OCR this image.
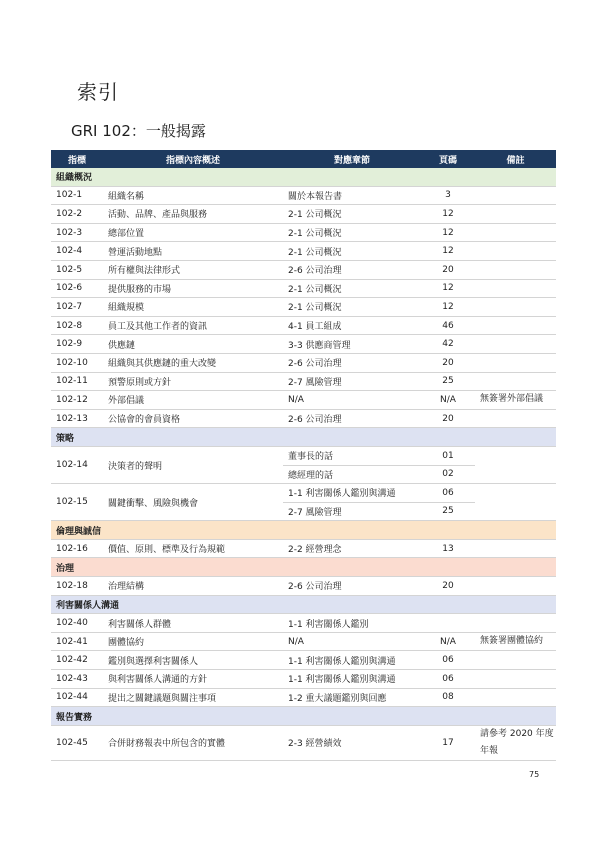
索引
GRI 102：一般揭露
指標	指標內容概述	對應章節	頁碼	備註
組織概況				
102-1	組織名稱	關於本報告書	3	
102-2	活動、品牌、產品與服務	2-1 公司概況	12	
102-3	總部位置	2-1 公司概況	12	
102-4	營運活動地點	2-1 公司概況	12	
102-5	所有權與法律形式	2-6 公司治理	20	
102-6	提供服務的市場	2-1 公司概況	12	
102-7	組織規模	2-1 公司概況	12	
102-8	員工及其他工作者的資訊	4-1 員工組成	46	
102-9	供應鏈	3-3 供應商管理	42	
102-10	組織與其供應鏈的重大改變	2-6 公司治理	20	
102-11	預警原則或方針	2-7 風險管理	25	
102-12	外部倡議	N/A	N/A	無簽署外部倡議
102-13	公協會的會員資格	2-6 公司治理	20	
策略				
102-14	決策者的聲明	董事長的話	01	
		總經理的話	02	
102-15	關鍵衝擊、風險與機會	1-1 利害關係人鑑別與溝通	06	
		2-7 風險管理	25	
倫理與誠信				
102-16	價值、原則、標準及行為規範	2-2 經營理念	13	
治理				
102-18	治理結構	2-6 公司治理	20	
利害關係人溝通				
102-40	利害關係人群體	1-1 利害關係人鑑別		
102-41	團體協約	N/A	N/A	無簽署團體協約
102-42	鑑別與選擇利害關係人	1-1 利害關係人鑑別與溝通	06	
102-43	與利害關係人溝通的方針	1-1 利害關係人鑑別與溝通	06	
102-44	提出之關鍵議題與關注事項	1-2 重大議題鑑別與回應	08	
報告實務				
102-45	合併財務報表中所包含的實體	2-3 經營績效	17	請參考 2020 年度年報
75
